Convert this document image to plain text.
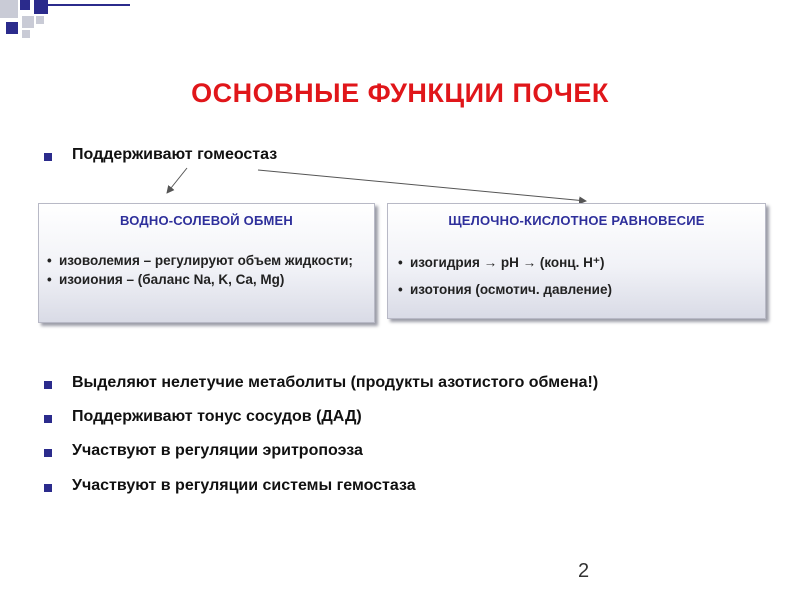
ОСНОВНЫЕ ФУНКЦИИ ПОЧЕК
Поддерживают гомеостаз
ВОДНО-СОЛЕВОЙ ОБМЕН
• изоволемия – регулируют объем жидкости;
• изоиония – (баланс Na, K, Ca, Mg)
ЩЕЛОЧНО-КИСЛОТНОЕ РАВНОВЕСИЕ
• изогидрия → pH → (конц. H⁺)
• изотония (осмотич. давление)
Выделяют нелетучие метаболиты (продукты азотистого обмена!)
Поддерживают тонус сосудов (ДАД)
Участвуют в регуляции эритропоэза
Участвуют в регуляции системы гемостаза
2
